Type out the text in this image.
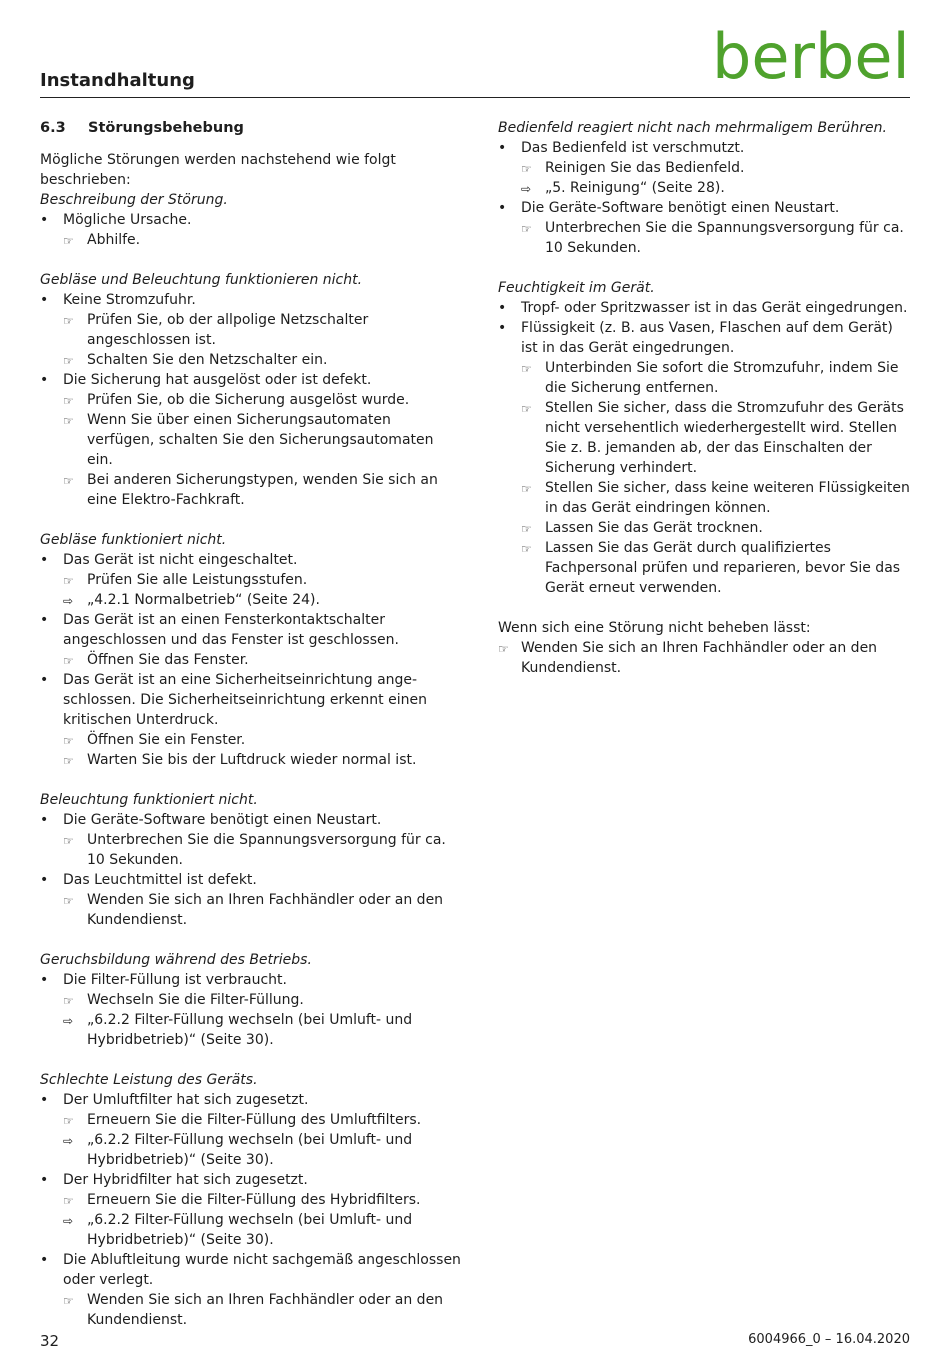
Instandhaltung	berbel
6.3 Störungsbehebung

Mögliche Störungen werden nachstehend wie folgt beschrieben:

Beschreibung der Störung.

• Mögliche Ursache.
☞ Abhilfe.

Gebläse und Beleuchtung funktionieren nicht.

• Keine Stromzufuhr.
☞ Prüfen Sie, ob der allpolige Netzschalter angeschlossen ist.
☞ Schalten Sie den Netzschalter ein.
• Die Sicherung hat ausgelöst oder ist defekt.
☞ Prüfen Sie, ob die Sicherung ausgelöst wurde.
☞ Wenn Sie über einen Sicherungsautomaten verfügen, schalten Sie den Sicherungsautomaten ein.
☞ Bei anderen Sicherungstypen, wenden Sie sich an eine Elektro-Fachkraft.

Gebläse funktioniert nicht.

• Das Gerät ist nicht eingeschaltet.
☞ Prüfen Sie alle Leistungsstufen.
⇨ „4.2.1 Normalbetrieb“ (Seite 24).
• Das Gerät ist an einen Fensterkontaktschalter angeschlossen und das Fenster ist geschlossen.
☞ Öffnen Sie das Fenster.
• Das Gerät ist an eine Sicherheitseinrichtung ange-schlossen. Die Sicherheitseinrichtung erkennt einen kritischen Unterdruck.
☞ Öffnen Sie ein Fenster.
☞ Warten Sie bis der Luftdruck wieder normal ist.

Beleuchtung funktioniert nicht.

• Die Geräte-Software benötigt einen Neustart.
☞ Unterbrechen Sie die Spannungsversorgung für ca. 10 Sekunden.
• Das Leuchtmittel ist defekt.
☞ Wenden Sie sich an Ihren Fachhändler oder an den Kundendienst.

Geruchsbildung während des Betriebs.

• Die Filter-Füllung ist verbraucht.
☞ Wechseln Sie die Filter-Füllung.
⇨ „6.2.2 Filter-Füllung wechseln (bei Umluft- und Hybridbetrieb)“ (Seite 30).

Schlechte Leistung des Geräts.

• Der Umluftfilter hat sich zugesetzt.
☞ Erneuern Sie die Filter-Füllung des Umluftfilters.
⇨ „6.2.2 Filter-Füllung wechseln (bei Umluft- und Hybridbetrieb)“ (Seite 30).
• Der Hybridfilter hat sich zugesetzt.
☞ Erneuern Sie die Filter-Füllung des Hybridfilters.
⇨ „6.2.2 Filter-Füllung wechseln (bei Umluft- und Hybridbetrieb)“ (Seite 30).
• Die Abluftleitung wurde nicht sachgemäß angeschlossen oder verlegt.
☞ Wenden Sie sich an Ihren Fachhändler oder an den Kundendienst.

Bedienfeld reagiert nicht nach mehrmaligem Berühren.

• Das Bedienfeld ist verschmutzt.
☞ Reinigen Sie das Bedienfeld.
⇨ „5. Reinigung“ (Seite 28).
• Die Geräte-Software benötigt einen Neustart.
☞ Unterbrechen Sie die Spannungsversorgung für ca. 10 Sekunden.

Feuchtigkeit im Gerät.

• Tropf- oder Spritzwasser ist in das Gerät eingedrungen.
• Flüssigkeit (z. B. aus Vasen, Flaschen auf dem Gerät) ist in das Gerät eingedrungen.
☞ Unterbinden Sie sofort die Stromzufuhr, indem Sie die Sicherung entfernen.
☞ Stellen Sie sicher, dass die Stromzufuhr des Geräts nicht versehentlich wiederhergestellt wird. Stellen Sie z. B. jemanden ab, der das Einschalten der Sicherung verhindert.
☞ Stellen Sie sicher, dass keine weiteren Flüssigkeiten in das Gerät eindringen können.
☞ Lassen Sie das Gerät trocknen.
☞ Lassen Sie das Gerät durch qualifiziertes Fachpersonal prüfen und reparieren, bevor Sie das Gerät erneut verwenden.

Wenn sich eine Störung nicht beheben lässt:

☞ Wenden Sie sich an Ihren Fachhändler oder an den Kundendienst.
32	6004966_0 – 16.04.2020
